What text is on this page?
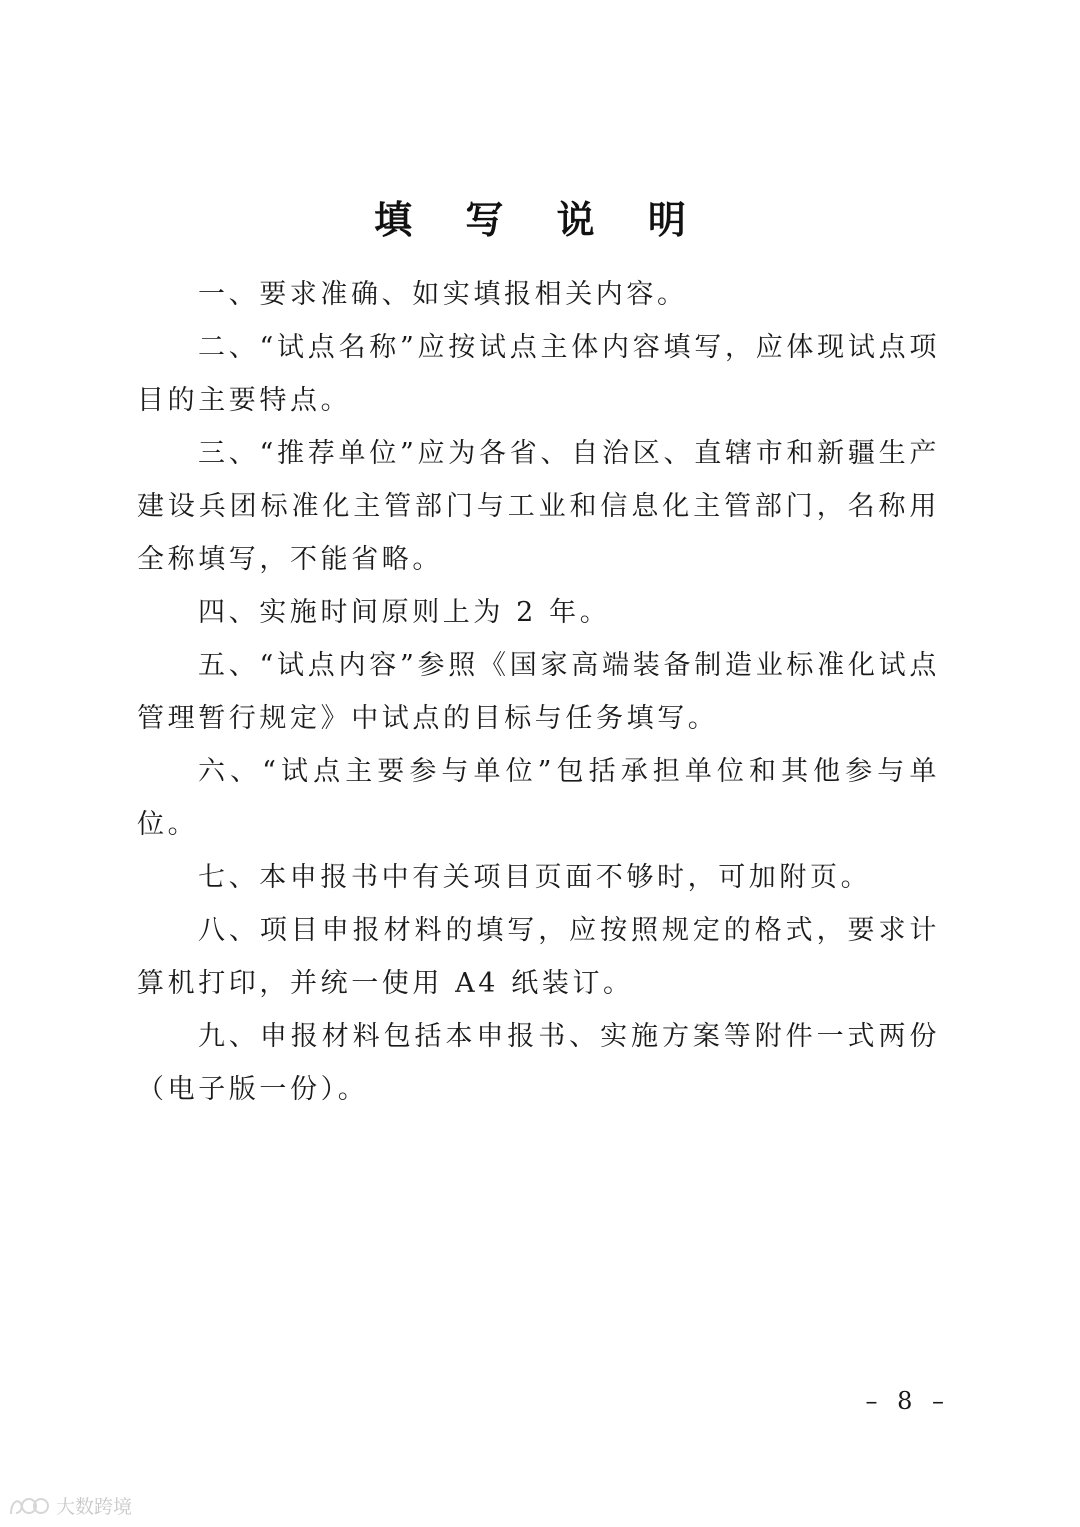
填 写 说 明

一、要求准确、如实填报相关内容。

二、“试点名称”应按试点主体内容填写，应体现试点项目的主要特点。

三、“推荐单位”应为各省、自治区、直辖市和新疆生产建设兵团标准化主管部门与工业和信息化主管部门，名称用全称填写，不能省略。

四、实施时间原则上为 2 年。

五、“试点内容”参照《国家高端装备制造业标准化试点管理暂行规定》中试点的目标与任务填写。

六、“试点主要参与单位”包括承担单位和其他参与单位。

七、本申报书中有关项目页面不够时，可加附页。

八、项目申报材料的填写，应按照规定的格式，要求计算机打印，并统一使用 A4 纸装订。

九、申报材料包括本申报书、实施方案等附件一式两份（电子版一份）。

– 8 –
大数跨境
